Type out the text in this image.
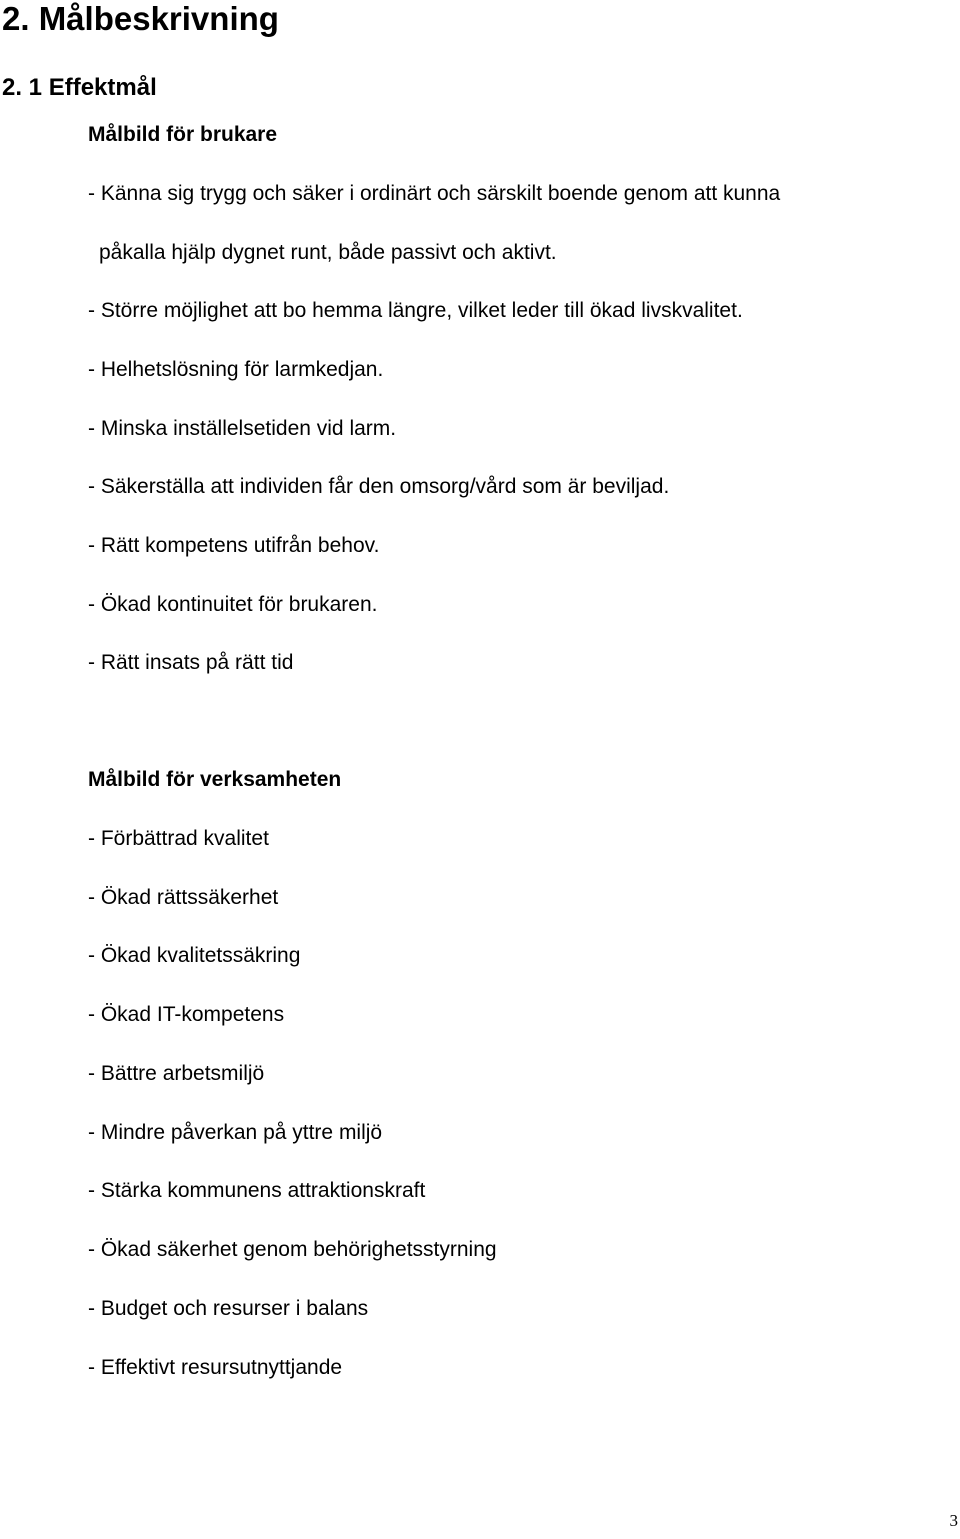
2. Målbeskrivning
2. 1 Effektmål
Målbild för brukare

- Känna sig trygg och säker i ordinärt och särskilt boende genom att kunna

påkalla hjälp dygnet runt, både passivt och aktivt.

- Större möjlighet att bo hemma längre, vilket leder till ökad livskvalitet.

- Helhetslösning för larmkedjan.

- Minska inställelsetiden vid larm.

- Säkerställa att individen får den omsorg/vård som är beviljad.

- Rätt kompetens utifrån behov.

- Ökad kontinuitet för brukaren.

- Rätt insats på rätt tid

Målbild för verksamheten

- Förbättrad kvalitet

- Ökad rättssäkerhet

- Ökad kvalitetssäkring

- Ökad IT-kompetens

- Bättre arbetsmiljö

- Mindre påverkan på yttre miljö

- Stärka kommunens attraktionskraft

- Ökad säkerhet genom behörighetsstyrning

- Budget och resurser i balans

- Effektivt resursutnyttjande

3
